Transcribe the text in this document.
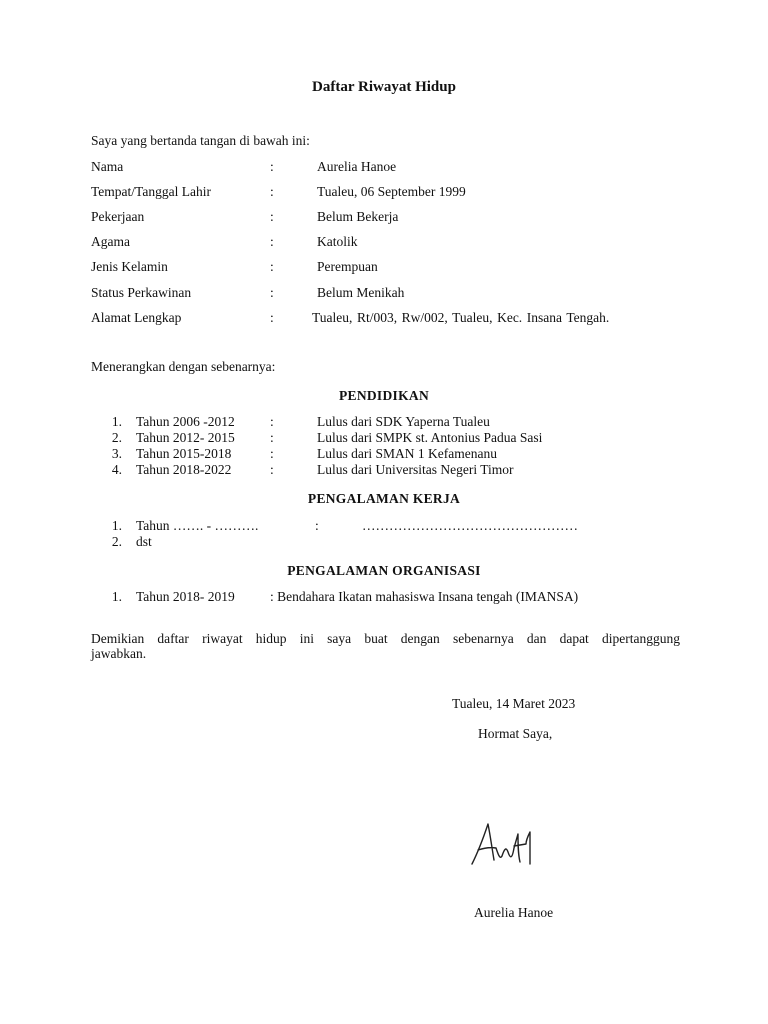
Daftar Riwayat Hidup
Saya yang bertanda tangan di bawah ini:
Nama	:	Aurelia Hanoe
Tempat/Tanggal Lahir	:	Tualeu, 06 September 1999
Pekerjaan	:	Belum Bekerja
Agama	:	Katolik
Jenis Kelamin	:	Perempuan
Status Perkawinan	:	Belum Menikah
Alamat Lengkap	:	Tualeu, Rt/003, Rw/002, Tualeu, Kec. Insana Tengah.
Menerangkan dengan sebenarnya:
PENDIDIKAN
1. Tahun 2006 -2012	:	Lulus dari SDK Yaperna Tualeu
2. Tahun 2012- 2015	:	Lulus dari SMPK st. Antonius Padua Sasi
3. Tahun 2015-2018	:	Lulus dari SMAN 1 Kefamenanu
4. Tahun 2018-2022	:	Lulus dari Universitas Negeri Timor
PENGALAMAN KERJA
1. Tahun ……. - ……….	:	…………………………………………
2. dst
PENGALAMAN ORGANISASI
1. Tahun 2018- 2019	: Bendahara Ikatan mahasiswa Insana tengah (IMANSA)
Demikian daftar riwayat hidup ini saya buat dengan sebenarnya dan dapat dipertanggung
jawabkan.
Tualeu, 14 Maret 2023
Hormat Saya,
Aurelia Hanoe
